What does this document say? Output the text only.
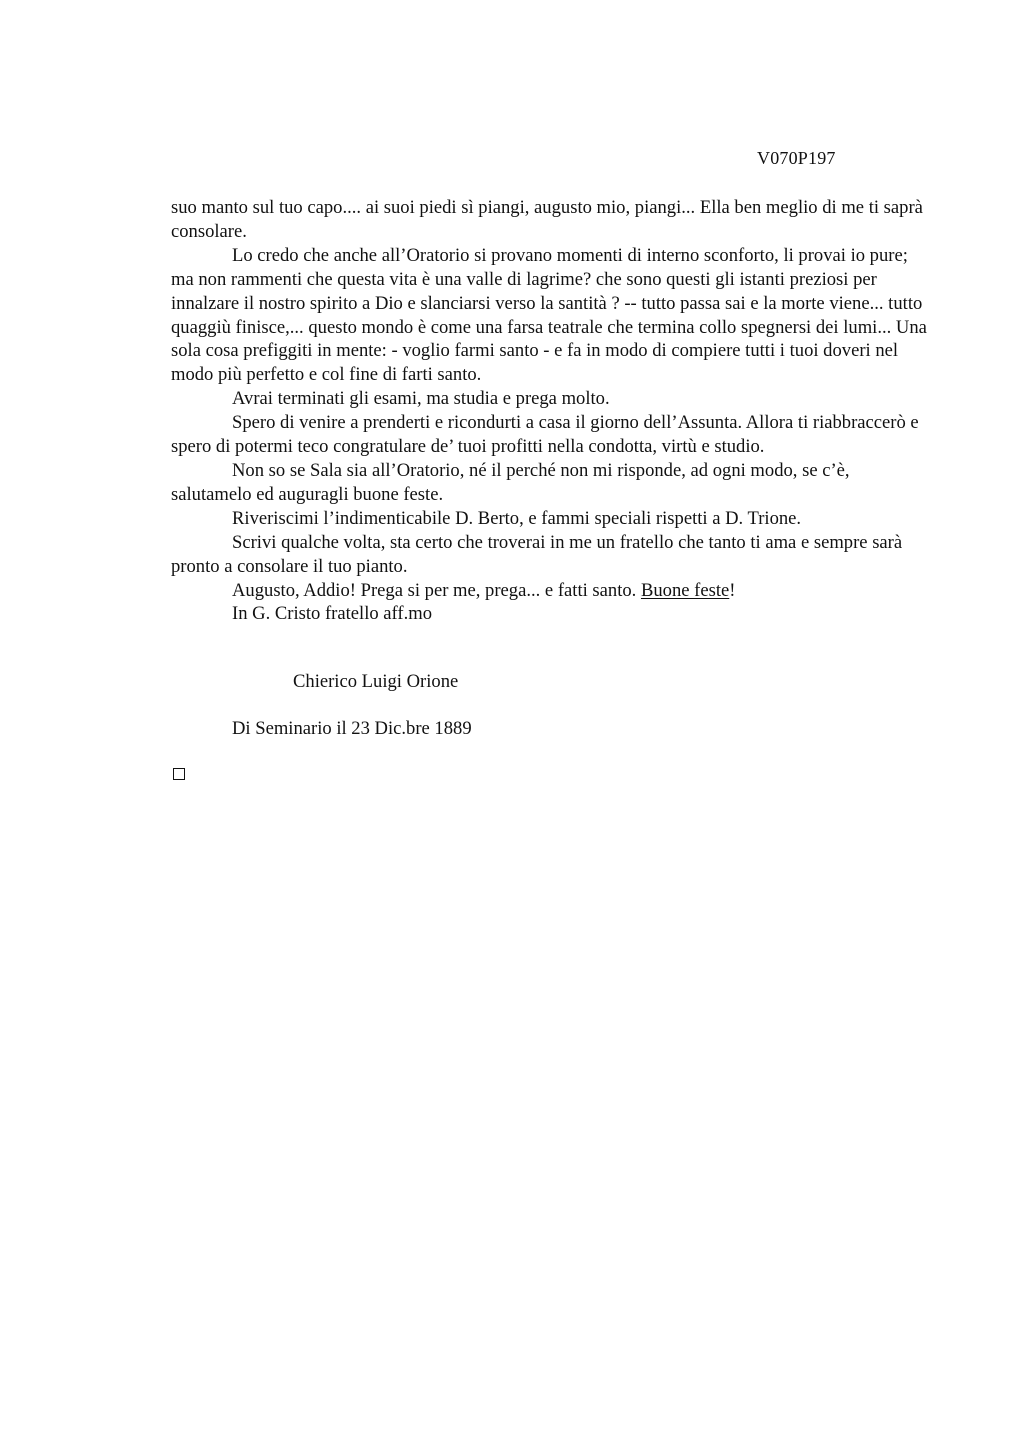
V070P197

suo manto sul tuo capo.... ai suoi piedi sì piangi, augusto mio, piangi... Ella ben meglio di me ti saprà consolare.

Lo credo che anche all’Oratorio si provano momenti di interno sconforto, li provai io pure; ma non rammenti che questa vita è una valle di lagrime? che sono questi gli istanti preziosi per innalzare il nostro spirito a Dio e slanciarsi verso la santità ? -- tutto passa sai e la morte viene... tutto quaggiù finisce,... questo mondo è come una farsa teatrale che termina collo spegnersi dei lumi... Una sola cosa prefiggiti in mente: - voglio farmi santo - e fa in modo di compiere tutti i tuoi doveri nel modo più perfetto e col fine di farti santo.

Avrai terminati gli esami, ma studia e prega molto.

Spero di venire a prenderti e ricondurti a casa il giorno dell’Assunta. Allora ti riabbraccerò e spero di potermi teco congratulare de’ tuoi profitti nella condotta, virtù e studio.

Non so se Sala sia all’Oratorio, né il perché non mi risponde, ad ogni modo, se c’è, salutamelo ed auguragli buone feste.

Riveriscimi l’indimenticabile D. Berto, e fammi speciali rispetti a D. Trione.

Scrivi qualche volta, sta certo che troverai in me un fratello che tanto ti ama e sempre sarà pronto a consolare il tuo pianto.

Augusto, Addio! Prega si per me, prega... e fatti santo. Buone feste!

In G. Cristo fratello aff.mo

Chierico Luigi Orione

Di Seminario il 23 Dic.bre 1889
